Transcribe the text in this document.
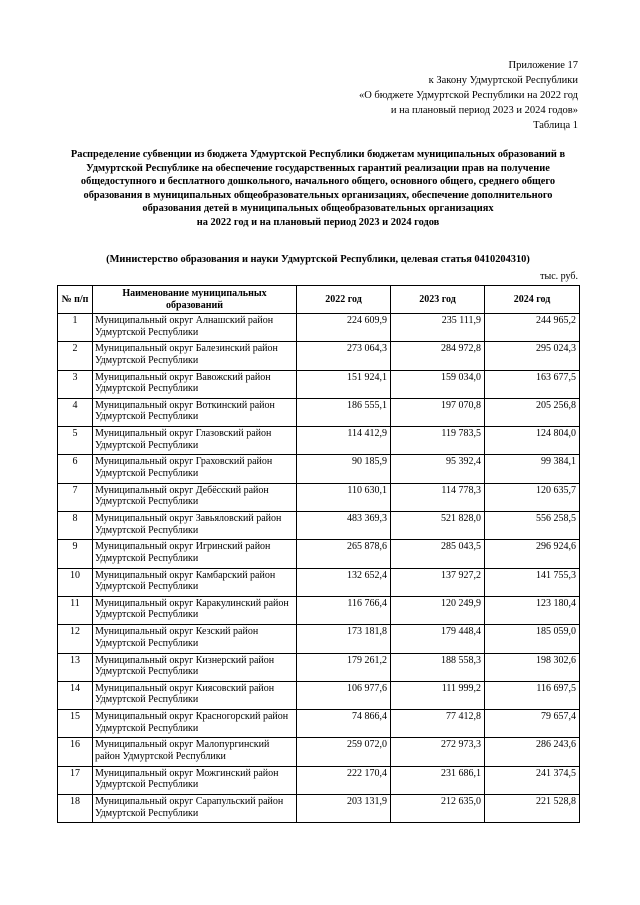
Приложение 17
к Закону Удмуртской Республики
«О бюджете Удмуртской Республики на 2022 год
и на плановый период 2023 и 2024 годов»
Таблица 1
Распределение субвенции из бюджета Удмуртской Республики бюджетам муниципальных образований в
Удмуртской Республике на обеспечение государственных гарантий реализации прав на получение
общедоступного и бесплатного дошкольного, начального общего, основного общего, среднего общего
образования в муниципальных общеобразовательных организациях, обеспечение дополнительного
образования детей в муниципальных общеобразовательных организациях
на 2022 год и на плановый период 2023 и 2024 годов
(Министерство образования и науки Удмуртской Республики, целевая статья 0410204310)
тыс. руб.
№ п/п	Наименование муниципальных образований	2022 год	2023 год	2024 год
1	Муниципальный округ Алнашский район Удмуртской Республики	224 609,9	235 111,9	244 965,2
2	Муниципальный округ Балезинский район Удмуртской Республики	273 064,3	284 972,8	295 024,3
3	Муниципальный округ Вавожский район Удмуртской Республики	151 924,1	159 034,0	163 677,5
4	Муниципальный округ Воткинский район Удмуртской Республики	186 555,1	197 070,8	205 256,8
5	Муниципальный округ Глазовский район Удмуртской Республики	114 412,9	119 783,5	124 804,0
6	Муниципальный округ Граховский район Удмуртской Республики	90 185,9	95 392,4	99 384,1
7	Муниципальный округ Дебёсский район Удмуртской Республики	110 630,1	114 778,3	120 635,7
8	Муниципальный округ Завьяловский район Удмуртской Республики	483 369,3	521 828,0	556 258,5
9	Муниципальный округ Игринский район Удмуртской Республики	265 878,6	285 043,5	296 924,6
10	Муниципальный округ Камбарский район Удмуртской Республики	132 652,4	137 927,2	141 755,3
11	Муниципальный округ Каракулинский район Удмуртской Республики	116 766,4	120 249,9	123 180,4
12	Муниципальный округ Кезский район Удмуртской Республики	173 181,8	179 448,4	185 059,0
13	Муниципальный округ Кизнерский район Удмуртской Республики	179 261,2	188 558,3	198 302,6
14	Муниципальный округ Киясовский район Удмуртской Республики	106 977,6	111 999,2	116 697,5
15	Муниципальный округ Красногорский район Удмуртской Республики	74 866,4	77 412,8	79 657,4
16	Муниципальный округ Малопургинский район Удмуртской Республики	259 072,0	272 973,3	286 243,6
17	Муниципальный округ Можгинский район Удмуртской Республики	222 170,4	231 686,1	241 374,5
18	Муниципальный округ Сарапульский район Удмуртской Республики	203 131,9	212 635,0	221 528,8
